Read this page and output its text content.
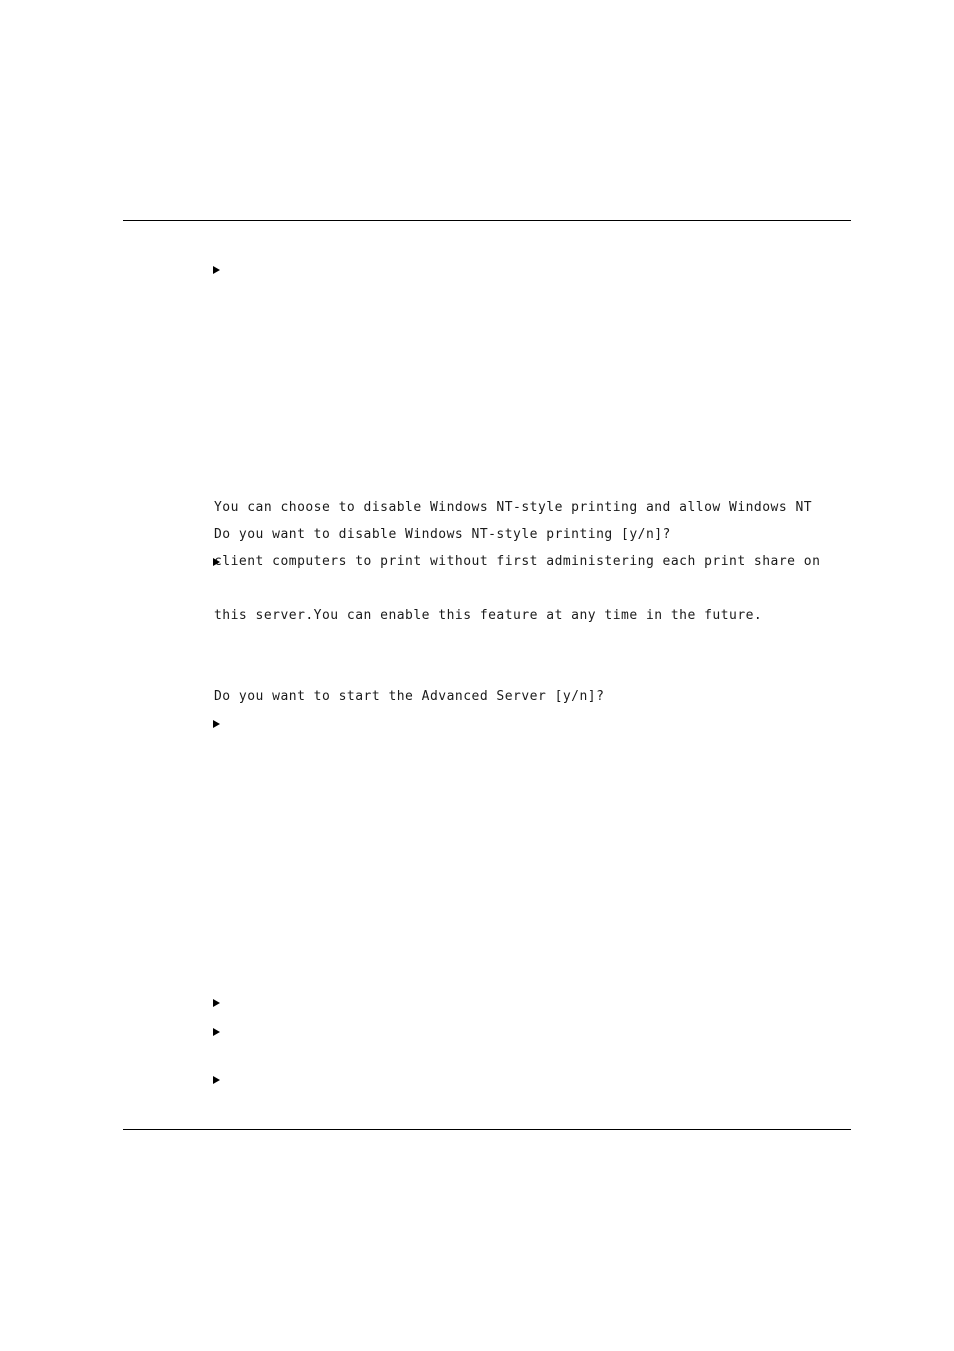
You can choose to disable Windows NT-style printing and allow Windows NT

client computers to print without first administering each print share on

this server.You can enable this feature at any time in the future.

Do you want to disable Windows NT-style printing [y/n]?
Do you want to start the Advanced Server [y/n]?
